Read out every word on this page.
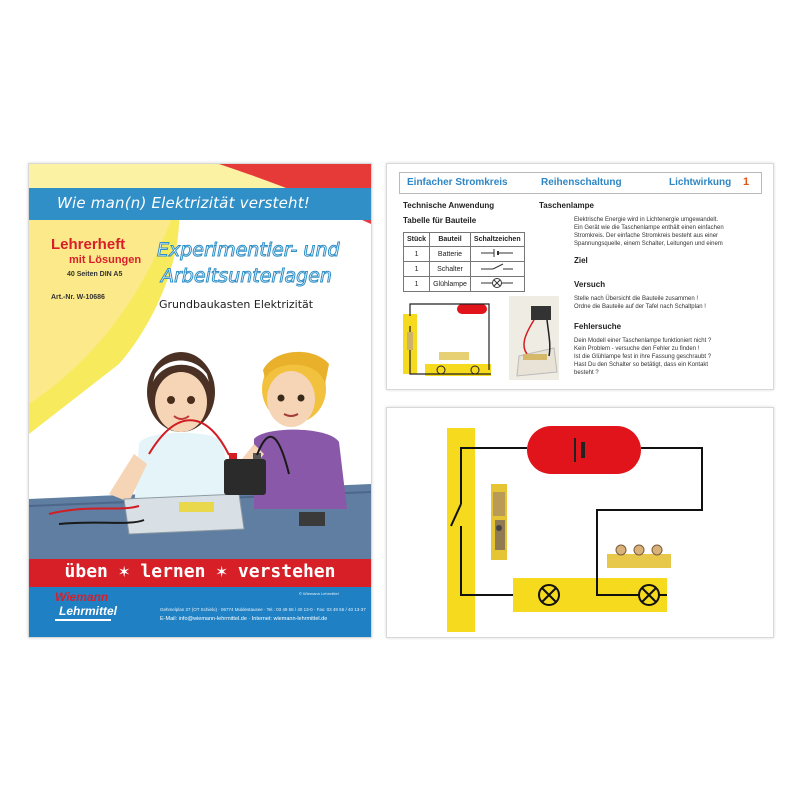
Wie man(n) Elektrizität versteht!
Lehrerheft
mit Lösungen
40 Seiten DIN A5
Art.-Nr. W-10686
Experimentier- und
Arbeitsunterlagen
Grundbaukasten Elektrizität
üben ✶ lernen ✶ verstehen
Wiemann
Lehrmittel
© Wiemann Lehrmittel
Gehmelplan 27 (OT Schielo) · 06774 Muldestausee · Tel.: 03 49 55 / 40 13-0 · Fax: 03 49 55 / 40 13-37
E-Mail: info@wiemann-lehrmittel.de · Internet: wiemann-lehrmittel.de
Einfacher Stromkreis	Reihenschaltung	Lichtwirkung 1
Technische Anwendung
Tabelle für Bauteile
Stück	Bauteil	Schaltzeichen
1	Batterie	
1	Schalter	
1	Glühlampe	
Taschenlampe
Elektrische Energie wird in Lichtenergie umgewandelt.
Ein Gerät wie die Taschenlampe enthält einen einfachen
Stromkreis. Der einfache Stromkreis besteht aus einer
Spannungsquelle, einem Schalter, Leitungen und einem
Ziel
Versuch
Stelle nach Übersicht die Bauteile zusammen !
Ordne die Bauteile auf der Tafel nach Schaltplan !
Fehlersuche
Dein Modell einer Taschenlampe funktioniert nicht ?
Kein Problem - versuche den Fehler zu finden !
Ist die Glühlampe fest in ihre Fassung geschraubt ?
Hast Du den Schalter so betätigt, dass ein Kontakt
besteht ?
